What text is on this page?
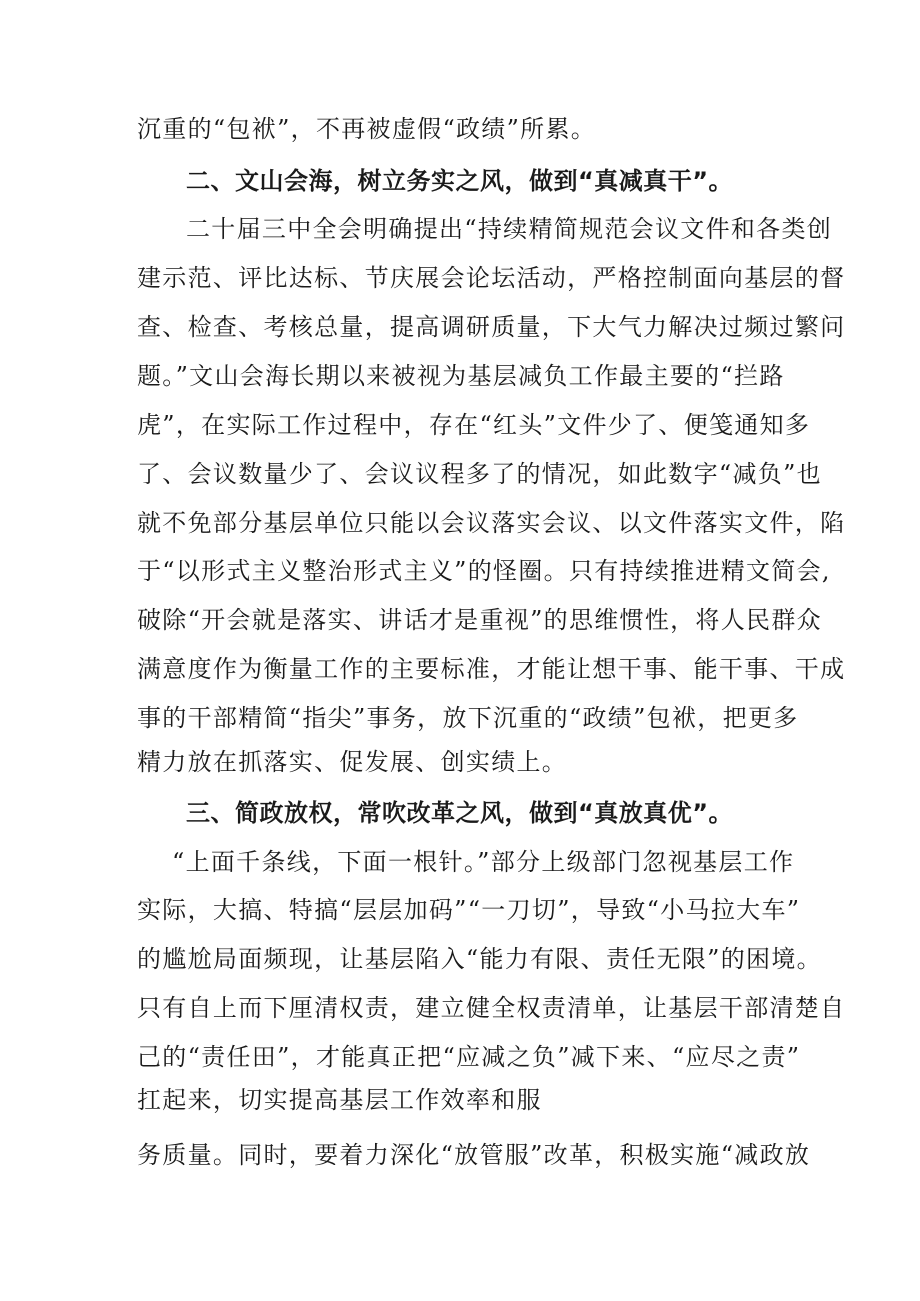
沉重的“包袱”，不再被虚假“政绩”所累。
二、文山会海，树立务实之风，做到“真减真干”。
二十届三中全会明确提出“持续精简规范会议文件和各类创
建示范、评比达标、节庆展会论坛活动，严格控制面向基层的督
查、检查、考核总量，提高调研质量，下大气力解决过频过繁问
题。”文山会海长期以来被视为基层减负工作最主要的“拦路
虎”，在实际工作过程中，存在“红头”文件少了、便笺通知多
了、会议数量少了、会议议程多了的情况，如此数字“减负”也
就不免部分基层单位只能以会议落实会议、以文件落实文件，陷
于“以形式主义整治形式主义”的怪圈。只有持续推进精文简会,
破除“开会就是落实、讲话才是重视”的思维惯性，将人民群众
满意度作为衡量工作的主要标准，才能让想干事、能干事、干成
事的干部精简“指尖”事务，放下沉重的“政绩”包袱，把更多
精力放在抓落实、促发展、创实绩上。
三、简政放权，常吹改革之风，做到“真放真优”。
“上面千条线，下面一根针。”部分上级部门忽视基层工作
实际，大搞、特搞“层层加码”“一刀切”，导致“小马拉大车”
的尴尬局面频现，让基层陷入“能力有限、责任无限”的困境。
只有自上而下厘清权责，建立健全权责清单，让基层干部清楚自
己的“责任田”，才能真正把“应减之负”减下来、“应尽之责”
扛起来，切实提高基层工作效率和服
务质量。同时，要着力深化“放管服”改革，积极实施“减政放
